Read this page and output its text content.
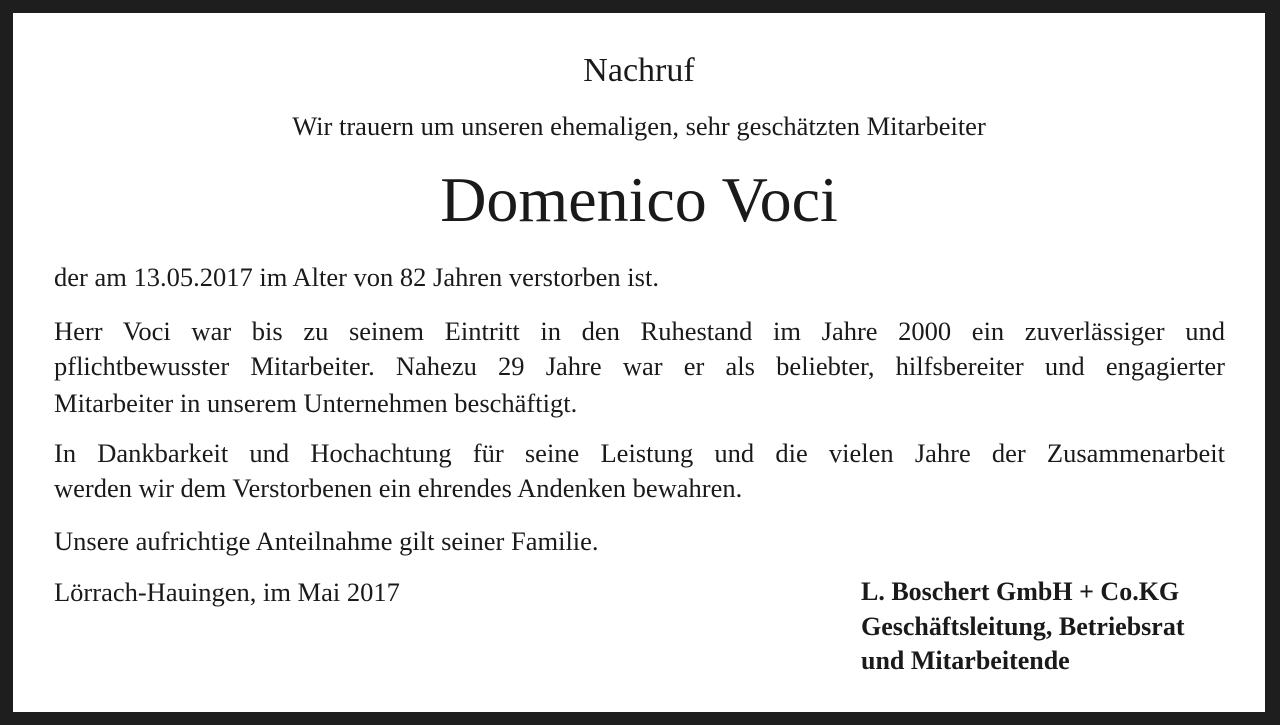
Nachruf
Wir trauern um unseren ehemaligen, sehr geschätzten Mitarbeiter
Domenico Voci
der am 13.05.2017 im Alter von 82 Jahren verstorben ist.
Herr Voci war bis zu seinem Eintritt in den Ruhestand im Jahre 2000 ein zuverlässiger und
pflichtbewusster Mitarbeiter. Nahezu 29 Jahre war er als beliebter, hilfsbereiter und engagierter
Mitarbeiter in unserem Unternehmen beschäftigt.
In Dankbarkeit und Hochachtung für seine Leistung und die vielen Jahre der Zusammenarbeit
werden wir dem Verstorbenen ein ehrendes Andenken bewahren.
Unsere aufrichtige Anteilnahme gilt seiner Familie.
Lörrach-Hauingen, im Mai 2017	L. Boschert GmbH + Co.KG
Geschäftsleitung, Betriebsrat
und Mitarbeitende
